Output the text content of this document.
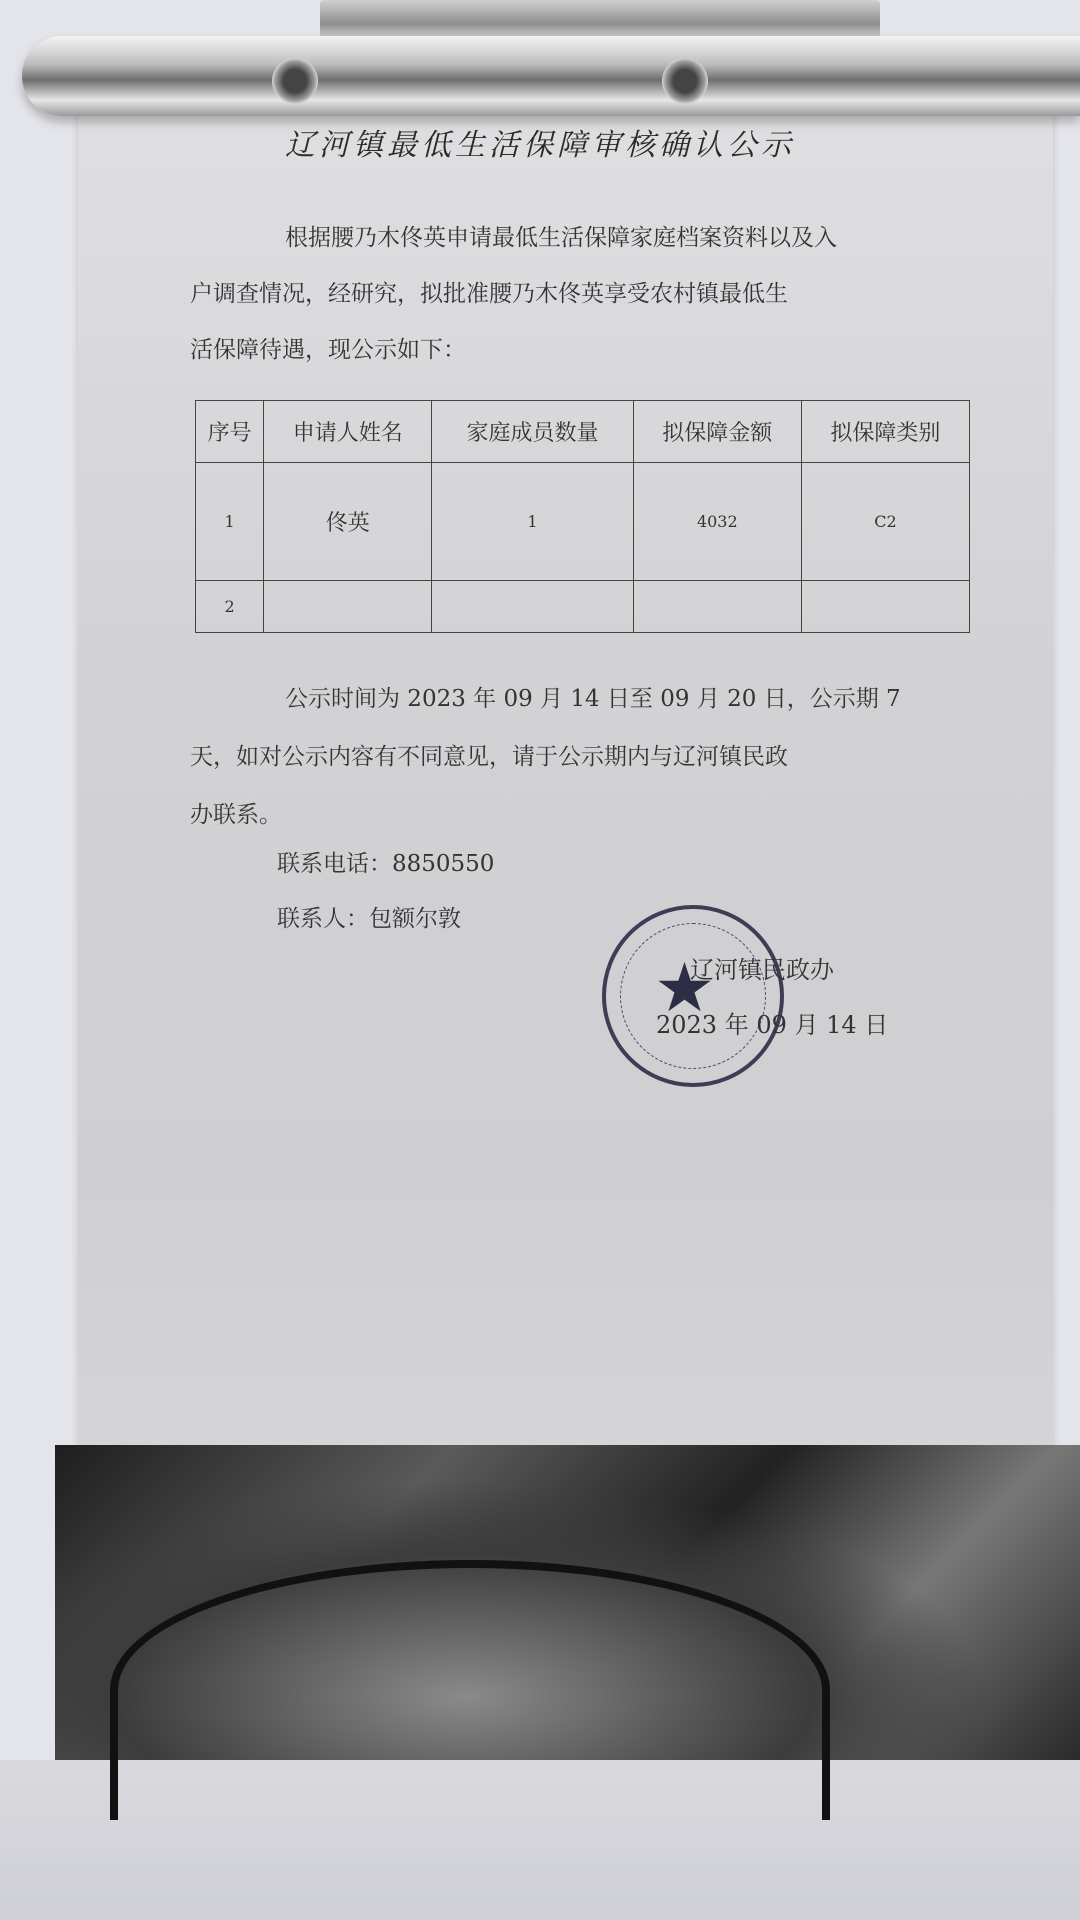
辽河镇最低生活保障审核确认公示
根据腰乃木佟英申请最低生活保障家庭档案资料以及入
户调查情况，经研究，拟批准腰乃木佟英享受农村镇最低生
活保障待遇，现公示如下：
序号	申请人姓名	家庭成员数量	拟保障金额	拟保障类别
1	佟英	1	4032	C2
2				
公示时间为 2023 年 09 月 14 日至 09 月 20 日，公示期 7
天，如对公示内容有不同意见，请于公示期内与辽河镇民政
办联系。
联系电话：8850550
联系人：包额尔敦
★
辽河镇民政办
2023 年 09 月 14 日
